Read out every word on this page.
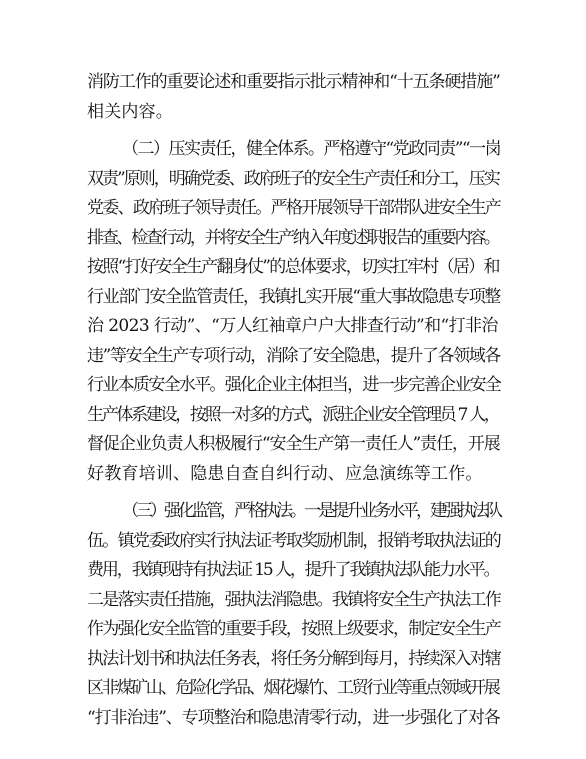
消防工作的重要论述和重要指示批示精神和“十五条硬措施”
相关内容。
（二）压实责任，健全体系。严格遵守“党政同责”“一岗
双责”原则，明确党委、政府班子的安全生产责任和分工，压实
党委、政府班子领导责任。严格开展领导干部带队进安全生产
排查、检查行动，并将安全生产纳入年度述职报告的重要内容。
按照“打好安全生产翻身仗”的总体要求，切实扛牢村（居）和
行业部门安全监管责任，我镇扎实开展“重大事故隐患专项整
治 2023 行动”、“万人红袖章户户大排查行动”和“打非治
违”等安全生产专项行动，消除了安全隐患，提升了各领域各
行业本质安全水平。强化企业主体担当，进一步完善企业安全
生产体系建设，按照一对多的方式，派驻企业安全管理员 7 人，
督促企业负责人积极履行“安全生产第一责任人”责任，开展
好教育培训、隐患自查自纠行动、应急演练等工作。
（三）强化监管，严格执法。一是提升业务水平，建强执法队
伍。镇党委政府实行执法证考取奖励机制，报销考取执法证的
费用，我镇现持有执法证 15 人，提升了我镇执法队能力水平。
二是落实责任措施，强执法消隐患。我镇将安全生产执法工作
作为强化安全监管的重要手段，按照上级要求，制定安全生产
执法计划书和执法任务表，将任务分解到每月，持续深入对辖
区非煤矿山、危险化学品、烟花爆竹、工贸行业等重点领域开展
“打非治违”、专项整治和隐患清零行动，进一步强化了对各
